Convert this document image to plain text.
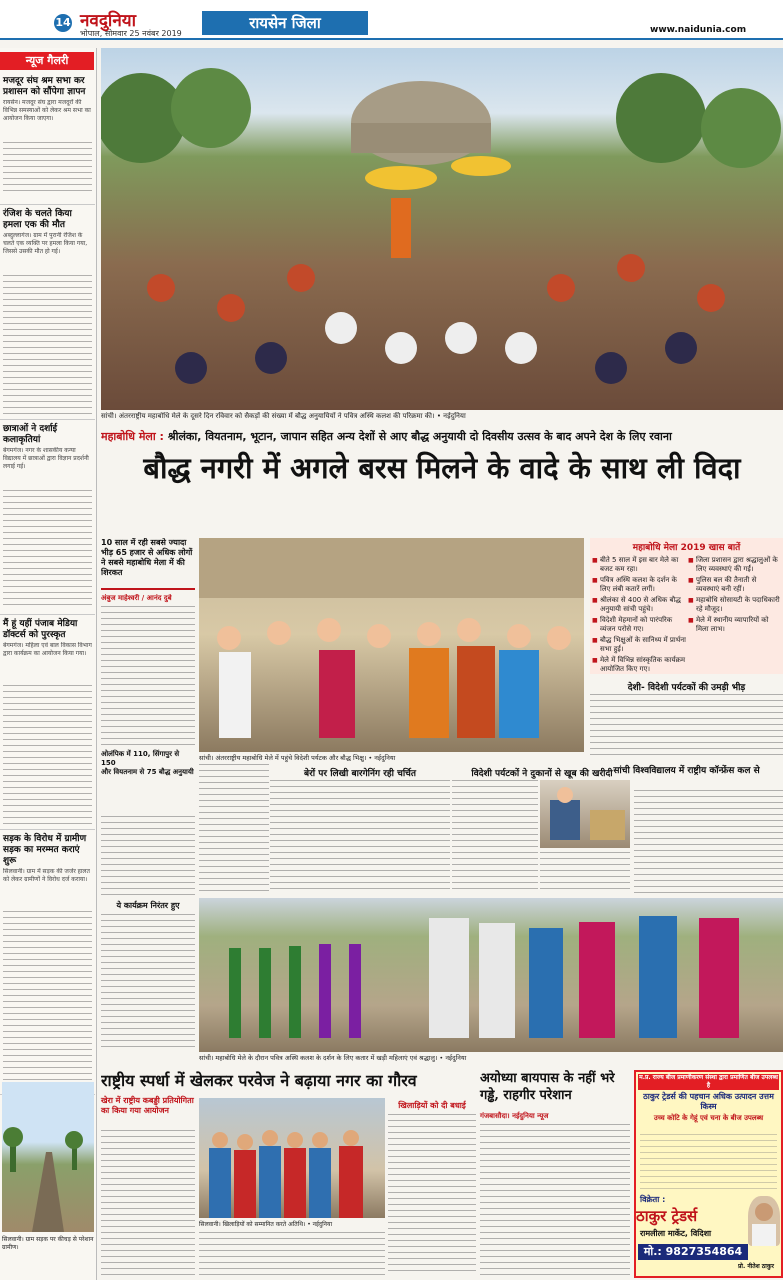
14 नवदुनिया
भोपाल, सोमवार 25 नवंबर 2019
रायसेन जिला	www.naidunia.com
न्यूज गैलरी
मजदूर संघ श्रम सभा कर प्रशासन को सौंपेगा ज्ञापन
रायसेन। मजदूर संघ द्वारा मजदूरों की विभिन्न समस्याओं को लेकर श्रम सभा का आयोजन किया जाएगा।
रंजिश के चलते किया हमला एक की मौत
अब्दुल्लागंज। ग्राम में पुरानी रंजिश के चलते एक व्यक्ति पर हमला किया गया, जिससे उसकी मौत हो गई।
छात्राओं ने दर्शाई कलाकृतियां
बेगमगंज। नगर के शासकीय कन्या विद्यालय में छात्राओं द्वारा विज्ञान प्रदर्शनी लगाई गई।
मैं हूं यहीं पंजाब मेडिया डॉक्टर्स को पुरस्कृत
बेगमगंज। महिला एवं बाल विकास विभाग द्वारा कार्यक्रम का आयोजन किया गया।
सड़क के विरोध में ग्रामीण सड़क का मरम्मत कराएं शुरू
सिलवानी। ग्राम में सड़क की जर्जर हालत को लेकर ग्रामीणों ने विरोध दर्ज कराया।
सिलवानी। ग्राम सड़क पर कीचड़ से परेशान ग्रामीण।
सांची। अंतरराष्ट्रीय महाबोधि मेले के दूसरे दिन रविवार को सैकड़ों की संख्या में बौद्ध अनुयायियों ने पवित्र अस्थि कलश की परिक्रमा की। • नईदुनिया
महाबोधि मेला : श्रीलंका, वियतनाम, भूटान, जापान सहित अन्य देशों से आए बौद्ध अनुयायी दो दिवसीय उत्सव के बाद अपने देश के लिए रवाना
बौद्ध नगरी में अगले बरस मिलने के वादे के साथ ली विदा
सांची। अंतरराष्ट्रीय महाबोधि मेले में पहुंचे विदेशी पर्यटक और बौद्ध भिक्षु। • नईदुनिया
10 साल में रही सबसे ज्यादा भीड़ 65 हजार से अधिक लोगों ने सबसे महाबोधि मेला में की शिरकत
अंबुज माहेश्वरी / आनंद दुबे
ओलंपिक में 110, सिंगापुर से 150
और वियतनाम से 75 बौद्ध अनुयायी
महाबोधि मेला 2019 खास बातें
■ बीते 5 साल में इस बार मेले का बजट कम रहा।
■ पवित्र अस्थि कलश के दर्शन के लिए लंबी कतारें लगीं।
■ श्रीलंका से 400 से अधिक बौद्ध अनुयायी सांची पहुंचे।
■ विदेशी मेहमानों को पारंपरिक व्यंजन परोसे गए।
■ बौद्ध भिक्षुओं के सानिध्य में प्रार्थना सभा हुई।
■ मेले में विभिन्न सांस्कृतिक कार्यक्रम आयोजित किए गए।
■ जिला प्रशासन द्वारा श्रद्धालुओं के लिए व्यवस्थाएं की गईं।
■ पुलिस बल की तैनाती से व्यवस्थाएं बनी रहीं।
■ महाबोधि सोसायटी के पदाधिकारी रहे मौजूद।
■ मेले में स्थानीय व्यापारियों को मिला लाभ।
देशी- विदेशी पर्यटकों की उमड़ी भीड़
बेरों पर लिखी बारगेनिंग रही चर्चित	विदेशी पर्यटकों ने दुकानों से खूब की खरीदी सांची विश्वविद्यालय में राष्ट्रीय कॉन्फ्रेंस कल से
सांची। महाबोधि मेले के दौरान पवित्र अस्थि कलश के दर्शन के लिए कतार में खड़ी महिलाएं एवं श्रद्धालु। • नईदुनिया
ये कार्यक्रम निरंतर हुए
राष्ट्रीय स्पर्धा में खेलकर परवेज ने बढ़ाया नगर का गौरव
खेरा में राष्ट्रीय कबड्डी प्रतियोगिता का किया गया आयोजन
सिलवानी। खिलाड़ियों को सम्मानित करते अतिथि। • नईदुनिया
खिलाड़ियों को दी बधाई
अयोध्या बायपास के नहीं भरे गड्ढे, राहगीर परेशान
गंजबासौदा। नईदुनिया न्यूज
म.प्र. राज्य बीज प्रमाणीकरण संस्था द्वारा प्रमाणित बीज उपलब्ध है
ठाकुर ट्रेडर्स की पहचान अधिक उत्पादन उत्तम किस्म
उच्च कोटि के गेहूं एवं चना के बीज उपलब्ध
विक्रेता :
ठाकुर ट्रेडर्स
रामलीला मार्केट, विदिशा
मो.: 9827354864
प्रो. नीतेश ठाकुर
